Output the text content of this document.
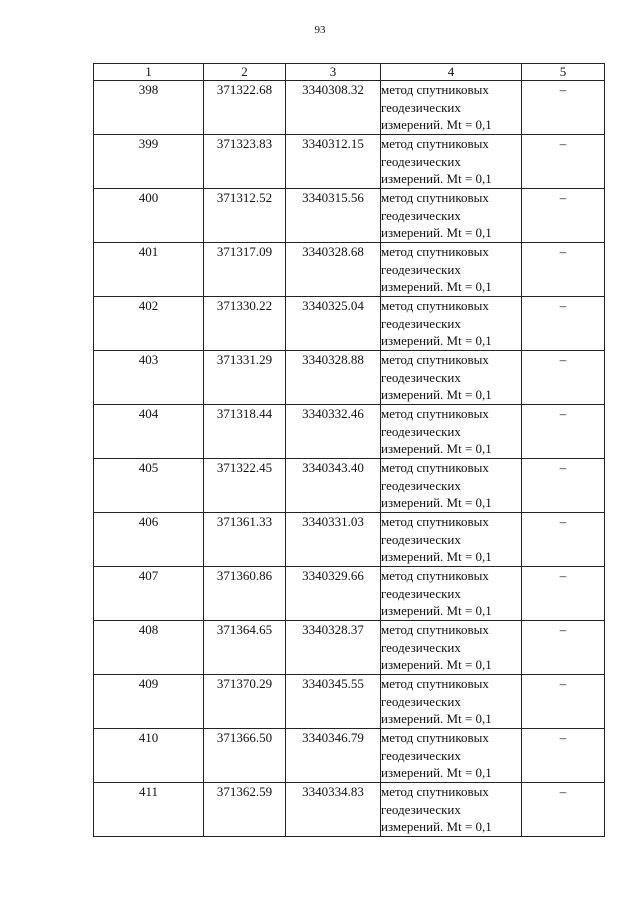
93
1	2	3	4	5
398	371322.68	3340308.32	метод спутниковых геодезических измерений. Mt = 0,1	–
399	371323.83	3340312.15	метод спутниковых геодезических измерений. Mt = 0,1	–
400	371312.52	3340315.56	метод спутниковых геодезических измерений. Mt = 0,1	–
401	371317.09	3340328.68	метод спутниковых геодезических измерений. Mt = 0,1	–
402	371330.22	3340325.04	метод спутниковых геодезических измерений. Mt = 0,1	–
403	371331.29	3340328.88	метод спутниковых геодезических измерений. Mt = 0,1	–
404	371318.44	3340332.46	метод спутниковых геодезических измерений. Mt = 0,1	–
405	371322.45	3340343.40	метод спутниковых геодезических измерений. Mt = 0,1	–
406	371361.33	3340331.03	метод спутниковых геодезических измерений. Mt = 0,1	–
407	371360.86	3340329.66	метод спутниковых геодезических измерений. Mt = 0,1	–
408	371364.65	3340328.37	метод спутниковых геодезических измерений. Mt = 0,1	–
409	371370.29	3340345.55	метод спутниковых геодезических измерений. Mt = 0,1	–
410	371366.50	3340346.79	метод спутниковых геодезических измерений. Mt = 0,1	–
411	371362.59	3340334.83	метод спутниковых геодезических измерений. Mt = 0,1	–
